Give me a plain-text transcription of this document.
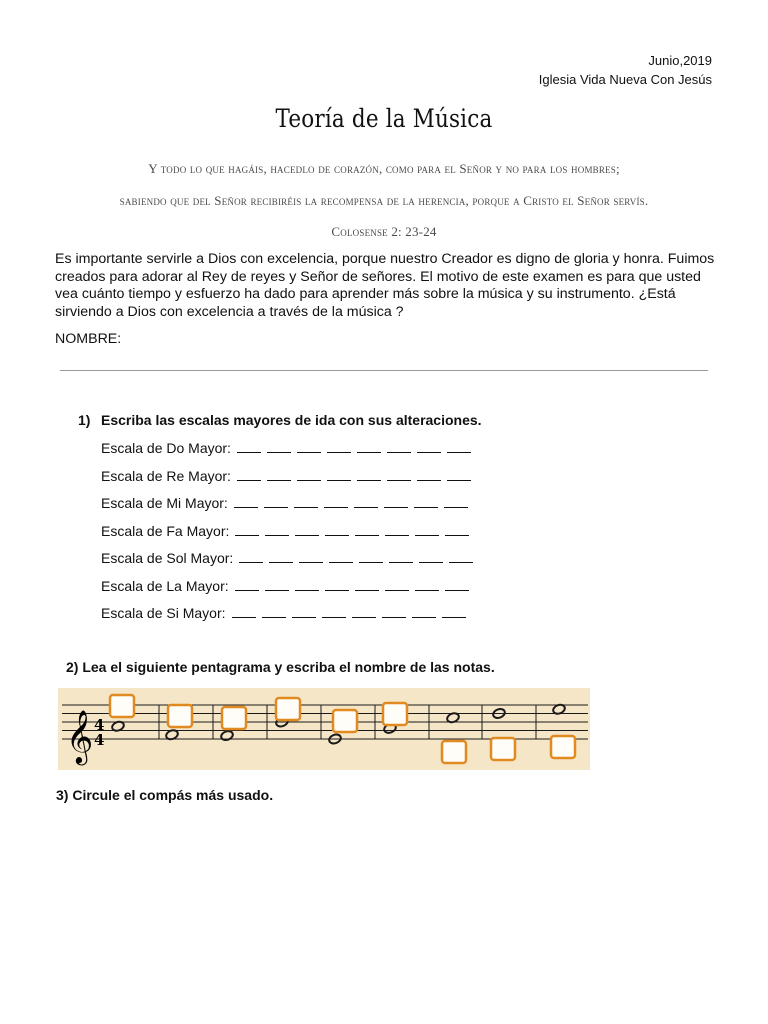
Junio,2019
Iglesia Vida Nueva Con Jesús
Teoría de la Música
Y todo lo que hagáis, hacedlo de corazón, como para el Señor y no para los hombres;
sabiendo que del Señor recibiréis la recompensa de la herencia, porque a Cristo el Señor servís.
Colosense 2: 23-24
Es importante servirle a Dios con excelencia, porque nuestro Creador es digno de gloria y honra. Fuimos creados para adorar al Rey de reyes y Señor de señores. El motivo de este examen es para que usted vea cuánto tiempo y esfuerzo ha dado para aprender más sobre la música y su instrumento. ¿Está sirviendo a Dios con excelencia a través de la música ?
NOMBRE:
1) Escriba las escalas mayores de ida con sus alteraciones.
Escala de Do Mayor:
Escala de Re Mayor:
Escala de Mi Mayor:
Escala de Fa Mayor:
Escala de Sol Mayor:
Escala de La Mayor:
Escala de Si Mayor:
2) Lea el siguiente pentagrama y escriba el nombre de las notas.
𝄞 4
4
3) Circule el compás más usado.
